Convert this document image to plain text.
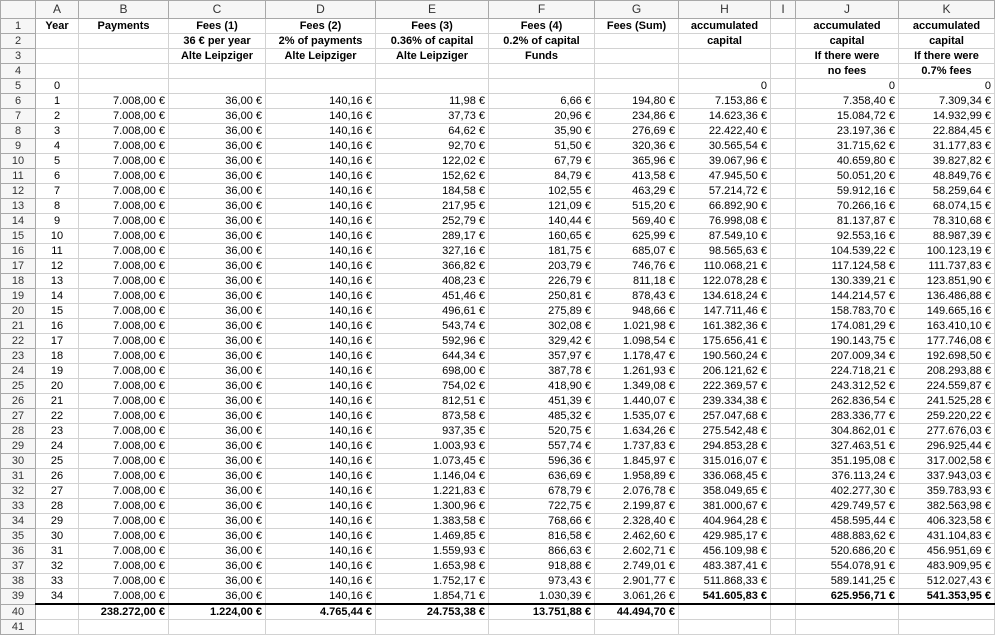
	A	B	C	D	E	F	G	H	I	J	K
1	Year	Payments	Fees (1)	Fees (2)	Fees (3)	Fees (4)	Fees (Sum)	accumulated		accumulated	accumulated
2			36 € per year	2% of payments	0.36% of capital	0.2% of capital		capital		capital	capital
3			Alte Leipziger	Alte Leipziger	Alte Leipziger	Funds				If there were	If there were
4										no fees	0.7% fees
5	0							0		0	0
6	1	7.008,00 €	36,00 €	140,16 €	11,98 €	6,66 €	194,80 €	7.153,86 €		7.358,40 €	7.309,34 €
7	2	7.008,00 €	36,00 €	140,16 €	37,73 €	20,96 €	234,86 €	14.623,36 €		15.084,72 €	14.932,99 €
8	3	7.008,00 €	36,00 €	140,16 €	64,62 €	35,90 €	276,69 €	22.422,40 €		23.197,36 €	22.884,45 €
9	4	7.008,00 €	36,00 €	140,16 €	92,70 €	51,50 €	320,36 €	30.565,54 €		31.715,62 €	31.177,83 €
10	5	7.008,00 €	36,00 €	140,16 €	122,02 €	67,79 €	365,96 €	39.067,96 €		40.659,80 €	39.827,82 €
11	6	7.008,00 €	36,00 €	140,16 €	152,62 €	84,79 €	413,58 €	47.945,50 €		50.051,20 €	48.849,76 €
12	7	7.008,00 €	36,00 €	140,16 €	184,58 €	102,55 €	463,29 €	57.214,72 €		59.912,16 €	58.259,64 €
13	8	7.008,00 €	36,00 €	140,16 €	217,95 €	121,09 €	515,20 €	66.892,90 €		70.266,16 €	68.074,15 €
14	9	7.008,00 €	36,00 €	140,16 €	252,79 €	140,44 €	569,40 €	76.998,08 €		81.137,87 €	78.310,68 €
15	10	7.008,00 €	36,00 €	140,16 €	289,17 €	160,65 €	625,99 €	87.549,10 €		92.553,16 €	88.987,39 €
16	11	7.008,00 €	36,00 €	140,16 €	327,16 €	181,75 €	685,07 €	98.565,63 €		104.539,22 €	100.123,19 €
17	12	7.008,00 €	36,00 €	140,16 €	366,82 €	203,79 €	746,76 €	110.068,21 €		117.124,58 €	111.737,83 €
18	13	7.008,00 €	36,00 €	140,16 €	408,23 €	226,79 €	811,18 €	122.078,28 €		130.339,21 €	123.851,90 €
19	14	7.008,00 €	36,00 €	140,16 €	451,46 €	250,81 €	878,43 €	134.618,24 €		144.214,57 €	136.486,88 €
20	15	7.008,00 €	36,00 €	140,16 €	496,61 €	275,89 €	948,66 €	147.711,46 €		158.783,70 €	149.665,16 €
21	16	7.008,00 €	36,00 €	140,16 €	543,74 €	302,08 €	1.021,98 €	161.382,36 €		174.081,29 €	163.410,10 €
22	17	7.008,00 €	36,00 €	140,16 €	592,96 €	329,42 €	1.098,54 €	175.656,41 €		190.143,75 €	177.746,08 €
23	18	7.008,00 €	36,00 €	140,16 €	644,34 €	357,97 €	1.178,47 €	190.560,24 €		207.009,34 €	192.698,50 €
24	19	7.008,00 €	36,00 €	140,16 €	698,00 €	387,78 €	1.261,93 €	206.121,62 €		224.718,21 €	208.293,88 €
25	20	7.008,00 €	36,00 €	140,16 €	754,02 €	418,90 €	1.349,08 €	222.369,57 €		243.312,52 €	224.559,87 €
26	21	7.008,00 €	36,00 €	140,16 €	812,51 €	451,39 €	1.440,07 €	239.334,38 €		262.836,54 €	241.525,28 €
27	22	7.008,00 €	36,00 €	140,16 €	873,58 €	485,32 €	1.535,07 €	257.047,68 €		283.336,77 €	259.220,22 €
28	23	7.008,00 €	36,00 €	140,16 €	937,35 €	520,75 €	1.634,26 €	275.542,48 €		304.862,01 €	277.676,03 €
29	24	7.008,00 €	36,00 €	140,16 €	1.003,93 €	557,74 €	1.737,83 €	294.853,28 €		327.463,51 €	296.925,44 €
30	25	7.008,00 €	36,00 €	140,16 €	1.073,45 €	596,36 €	1.845,97 €	315.016,07 €		351.195,08 €	317.002,58 €
31	26	7.008,00 €	36,00 €	140,16 €	1.146,04 €	636,69 €	1.958,89 €	336.068,45 €		376.113,24 €	337.943,03 €
32	27	7.008,00 €	36,00 €	140,16 €	1.221,83 €	678,79 €	2.076,78 €	358.049,65 €		402.277,30 €	359.783,93 €
33	28	7.008,00 €	36,00 €	140,16 €	1.300,96 €	722,75 €	2.199,87 €	381.000,67 €		429.749,57 €	382.563,98 €
34	29	7.008,00 €	36,00 €	140,16 €	1.383,58 €	768,66 €	2.328,40 €	404.964,28 €		458.595,44 €	406.323,58 €
35	30	7.008,00 €	36,00 €	140,16 €	1.469,85 €	816,58 €	2.462,60 €	429.985,17 €		488.883,62 €	431.104,83 €
36	31	7.008,00 €	36,00 €	140,16 €	1.559,93 €	866,63 €	2.602,71 €	456.109,98 €		520.686,20 €	456.951,69 €
37	32	7.008,00 €	36,00 €	140,16 €	1.653,98 €	918,88 €	2.749,01 €	483.387,41 €		554.078,91 €	483.909,95 €
38	33	7.008,00 €	36,00 €	140,16 €	1.752,17 €	973,43 €	2.901,77 €	511.868,33 €		589.141,25 €	512.027,43 €
39	34	7.008,00 €	36,00 €	140,16 €	1.854,71 €	1.030,39 €	3.061,26 €	541.605,83 €		625.956,71 €	541.353,95 €
40		238.272,00 €	1.224,00 €	4.765,44 €	24.753,38 €	13.751,88 €	44.494,70 €				
41											
